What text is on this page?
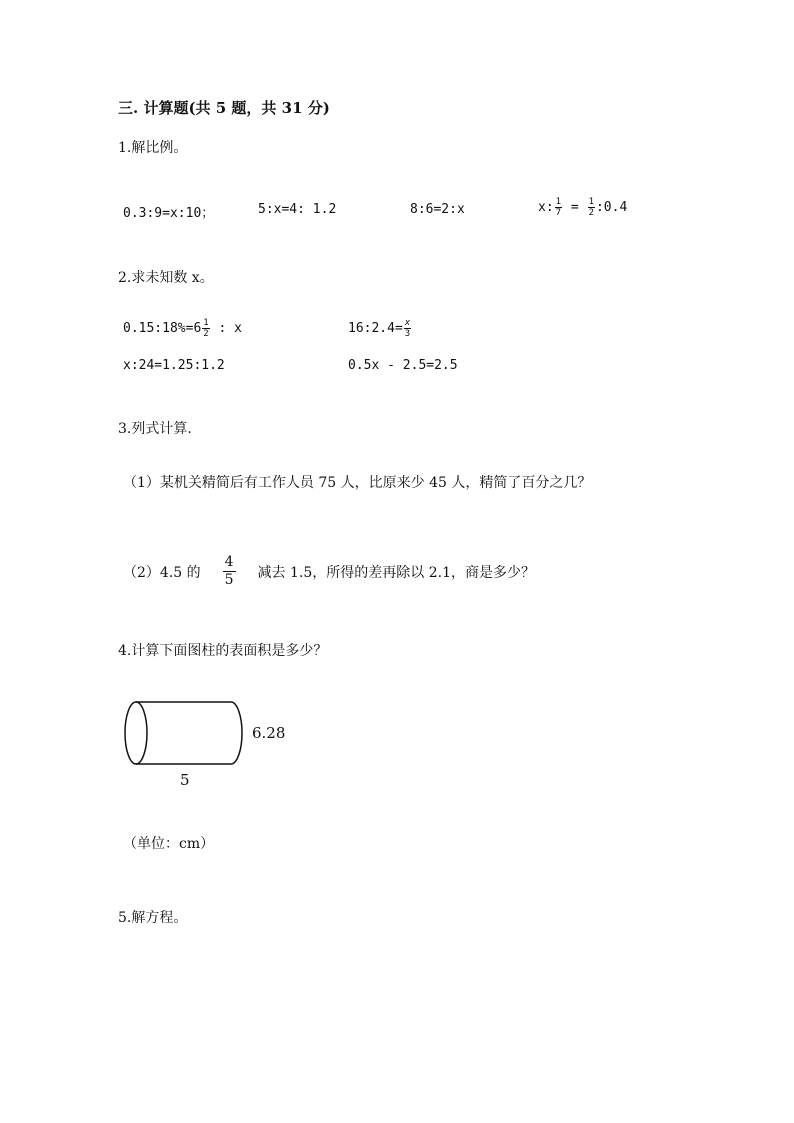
三. 计算题(共 5 题，共 31 分)
1.解比例。
0.3:9=x:10；	5:x=4: 1.2	8:6=2:x	x: $\frac{1}{7} = \frac{1}{2}$ :0.4
2.求未知数 x。
0.15:18%=6 $\frac{1}{2}$ : x	16:2.4= $\frac{x}{3}$
x:24=1.25:1.2	0.5x - 2.5=2.5
3.列式计算.
（1）某机关精简后有工作人员 75 人，比原来少 45 人，精简了百分之几？
（2）4.5 的 $\frac{4}{5}$ 减去 1.5，所得的差再除以 2.1，商是多少？
4.计算下面图柱的表面积是多少？
6.28
5
（单位：cm）
5.解方程。
